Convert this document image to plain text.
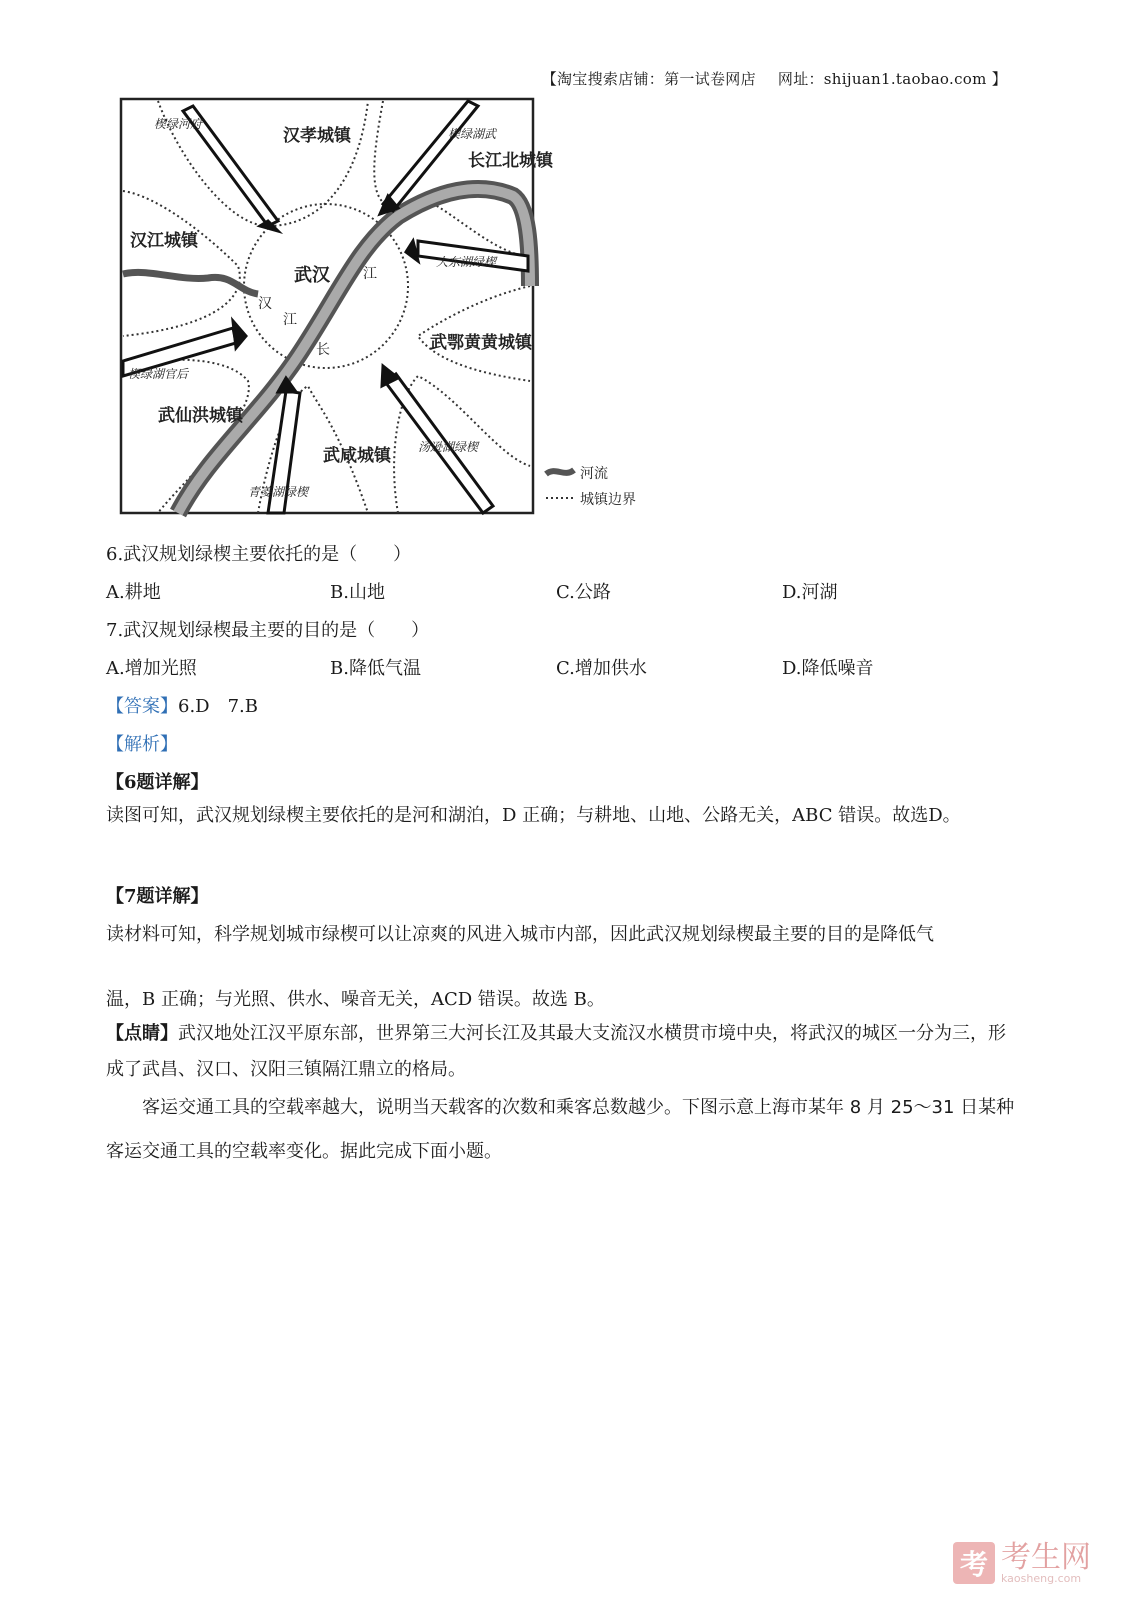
【淘宝搜索店铺：第一试卷网店 网址：shijuan1.taobao.com 】
汉孝城镇
长江北城镇
汉江城镇
武汉
武鄂黄黄城镇
武仙洪城镇
武咸城镇
楔绿河府
楔绿湖武
大东湖绿楔
楔绿湖官后
青菱湖绿楔
汤逊湖绿楔
江
长
汉
江
河流
城镇边界
6.武汉规划绿楔主要依托的是（　　）
A.耕地	B.山地	C.公路	D.河湖
7.武汉规划绿楔最主要的目的是（　　）
A.增加光照	B.降低气温	C.增加供水	D.降低噪音
【答案】6.D　7.B
【解析】
【6题详解】
读图可知，武汉规划绿楔主要依托的是河和湖泊，D 正确；与耕地、山地、公路无关，ABC 错误。故选D。
【7题详解】
读材料可知，科学规划城市绿楔可以让凉爽的风进入城市内部，因此武汉规划绿楔最主要的目的是降低气
温，B 正确；与光照、供水、噪音无关，ACD 错误。故选 B。
【点睛】武汉地处江汉平原东部，世界第三大河长江及其最大支流汉水横贯市境中央，将武汉的城区一分为三，形成了武昌、汉口、汉阳三镇隔江鼎立的格局。
　　客运交通工具的空载率越大，说明当天载客的次数和乘客总数越少。下图示意上海市某年 8 月 25～31 日某种客运交通工具的空载率变化。据此完成下面小题。
考 考生网
kaosheng.com
